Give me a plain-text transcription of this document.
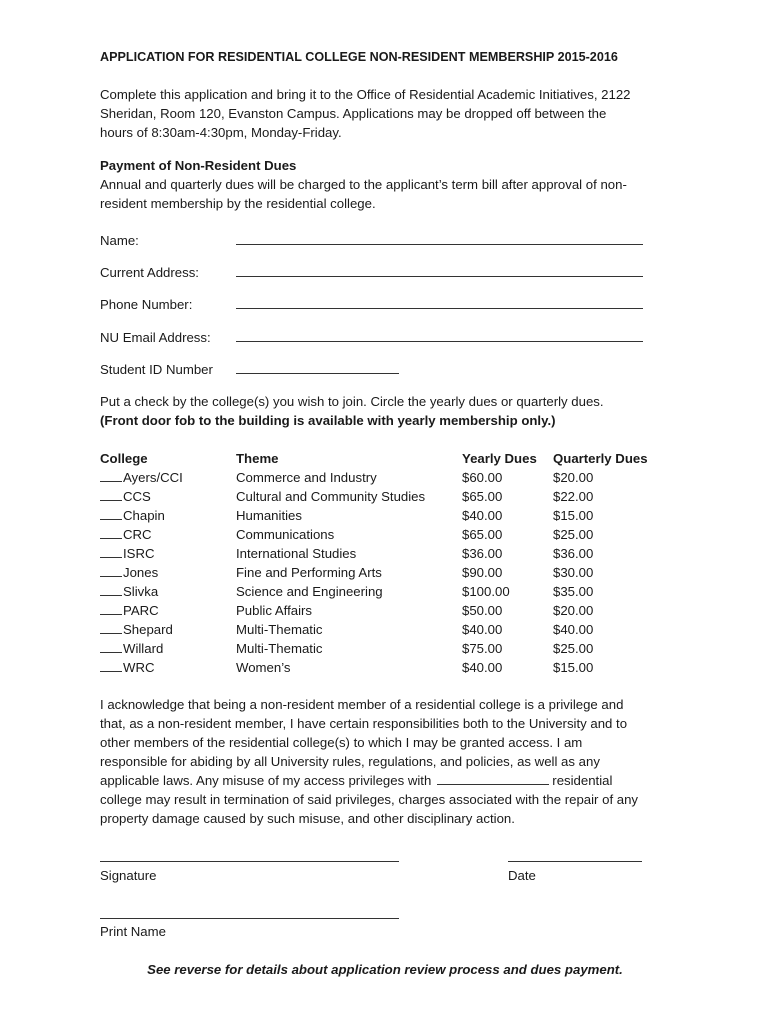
APPLICATION FOR RESIDENTIAL COLLEGE NON-RESIDENT MEMBERSHIP 2015-2016
Complete this application and bring it to the Office of Residential Academic Initiatives, 2122
Sheridan, Room 120, Evanston Campus. Applications may be dropped off between the
hours of 8:30am-4:30pm, Monday-Friday.
Payment of Non-Resident Dues
Annual and quarterly dues will be charged to the applicant’s term bill after approval of non-
resident membership by the residential college.
Name:
Current Address:
Phone Number:
NU Email Address:
Student ID Number
Put a check by the college(s) you wish to join. Circle the yearly dues or quarterly dues.
(Front door fob to the building is available with yearly membership only.)
College	Theme	Yearly Dues	Quarterly Dues
Ayers/CCI	Commerce and Industry	$60.00	$20.00
CCS	Cultural and Community Studies	$65.00	$22.00
Chapin	Humanities	$40.00	$15.00
CRC	Communications	$65.00	$25.00
ISRC	International Studies	$36.00	$36.00
Jones	Fine and Performing Arts	$90.00	$30.00
Slivka	Science and Engineering	$100.00	$35.00
PARC	Public Affairs	$50.00	$20.00
Shepard	Multi-Thematic	$40.00	$40.00
Willard	Multi-Thematic	$75.00	$25.00
WRC	Women’s	$40.00	$15.00
I acknowledge that being a non-resident member of a residential college is a privilege and
that, as a non-resident member, I have certain responsibilities both to the University and to
other members of the residential college(s) to which I may be granted access. I am
responsible for abiding by all University rules, regulations, and policies, as well as any
applicable laws. Any misuse of my access privileges with	residential
college may result in termination of said privileges, charges associated with the repair of any
property damage caused by such misuse, and other disciplinary action.
Signature	Date
Print Name
See reverse for details about application review process and dues payment.
